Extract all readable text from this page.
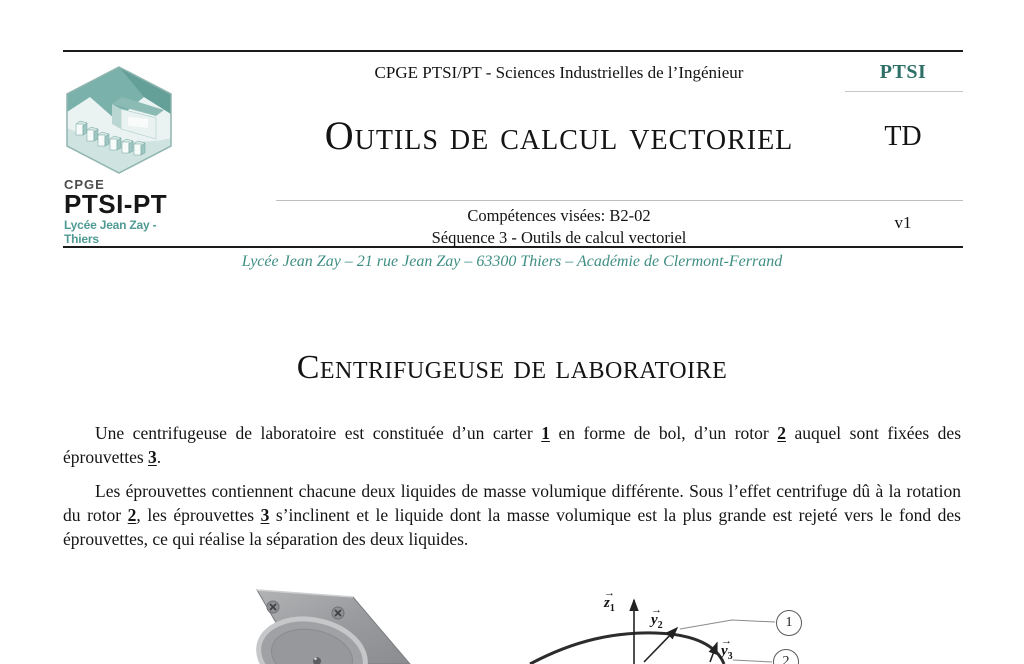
CPGE
PTSI-PT
Lycée Jean Zay - Thiers
CPGE PTSI/PT - Sciences Industrielles de l’Ingénieur
Outils de calcul vectoriel
Compétences visées: B2-02
Séquence 3 - Outils de calcul vectoriel
PTSI
TD
v1
Lycée Jean Zay – 21 rue Jean Zay – 63300 Thiers – Académie de Clermont-Ferrand
Centrifugeuse de laboratoire

Une centrifugeuse de laboratoire est constituée d’un carter 1 en forme de bol, d’un rotor 2 auquel sont fixées des éprouvettes 3.

Les éprouvettes contiennent chacune deux liquides de masse volumique différente. Sous l’effet centrifuge dû à la rotation du rotor 2, les éprouvettes 3 s’inclinent et le liquide dont la masse volumique est la plus grande est rejeté vers le fond des éprouvettes, ce qui réalise la séparation des deux liquides.

→ $z_1$
→ $y_2$
→ $y_3$
1
2
